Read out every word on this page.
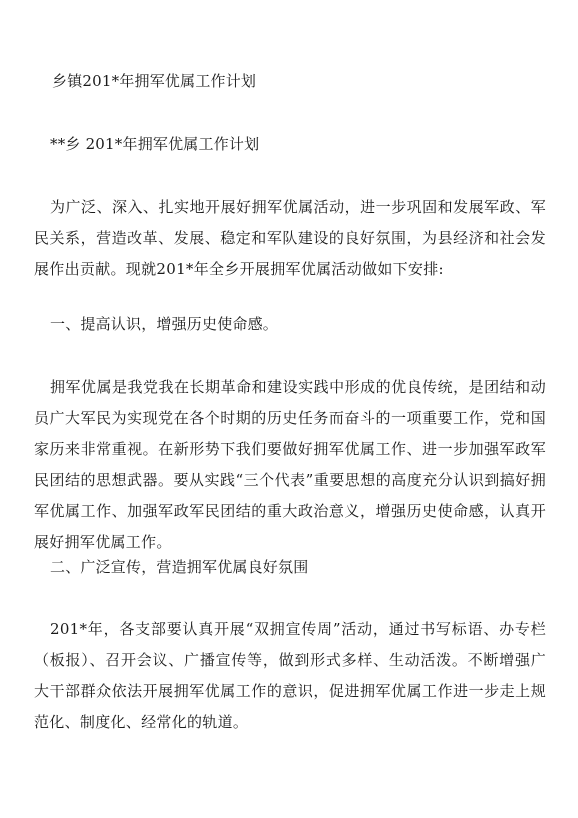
乡镇201*年拥军优属工作计划
**乡 201*年拥军优属工作计划
为广泛、深入、扎实地开展好拥军优属活动，进一步巩固和发展军政、军民关系，营造改革、发展、稳定和军队建设的良好氛围，为县经济和社会发展作出贡献。现就201*年全乡开展拥军优属活动做如下安排:
一、提高认识，增强历史使命感。
拥军优属是我党我在长期革命和建设实践中形成的优良传统，是团结和动员广大军民为实现党在各个时期的历史任务而奋斗的一项重要工作，党和国家历来非常重视。在新形势下我们要做好拥军优属工作、进一步加强军政军民团结的思想武器。要从实践“三个代表”重要思想的高度充分认识到搞好拥军优属工作、加强军政军民团结的重大政治意义，增强历史使命感，认真开展好拥军优属工作。
二、广泛宣传，营造拥军优属良好氛围
201*年，各支部要认真开展“双拥宣传周”活动，通过书写标语、办专栏（板报）、召开会议、广播宣传等，做到形式多样、生动活泼。不断增强广大干部群众依法开展拥军优属工作的意识，促进拥军优属工作进一步走上规范化、制度化、经常化的轨道。
